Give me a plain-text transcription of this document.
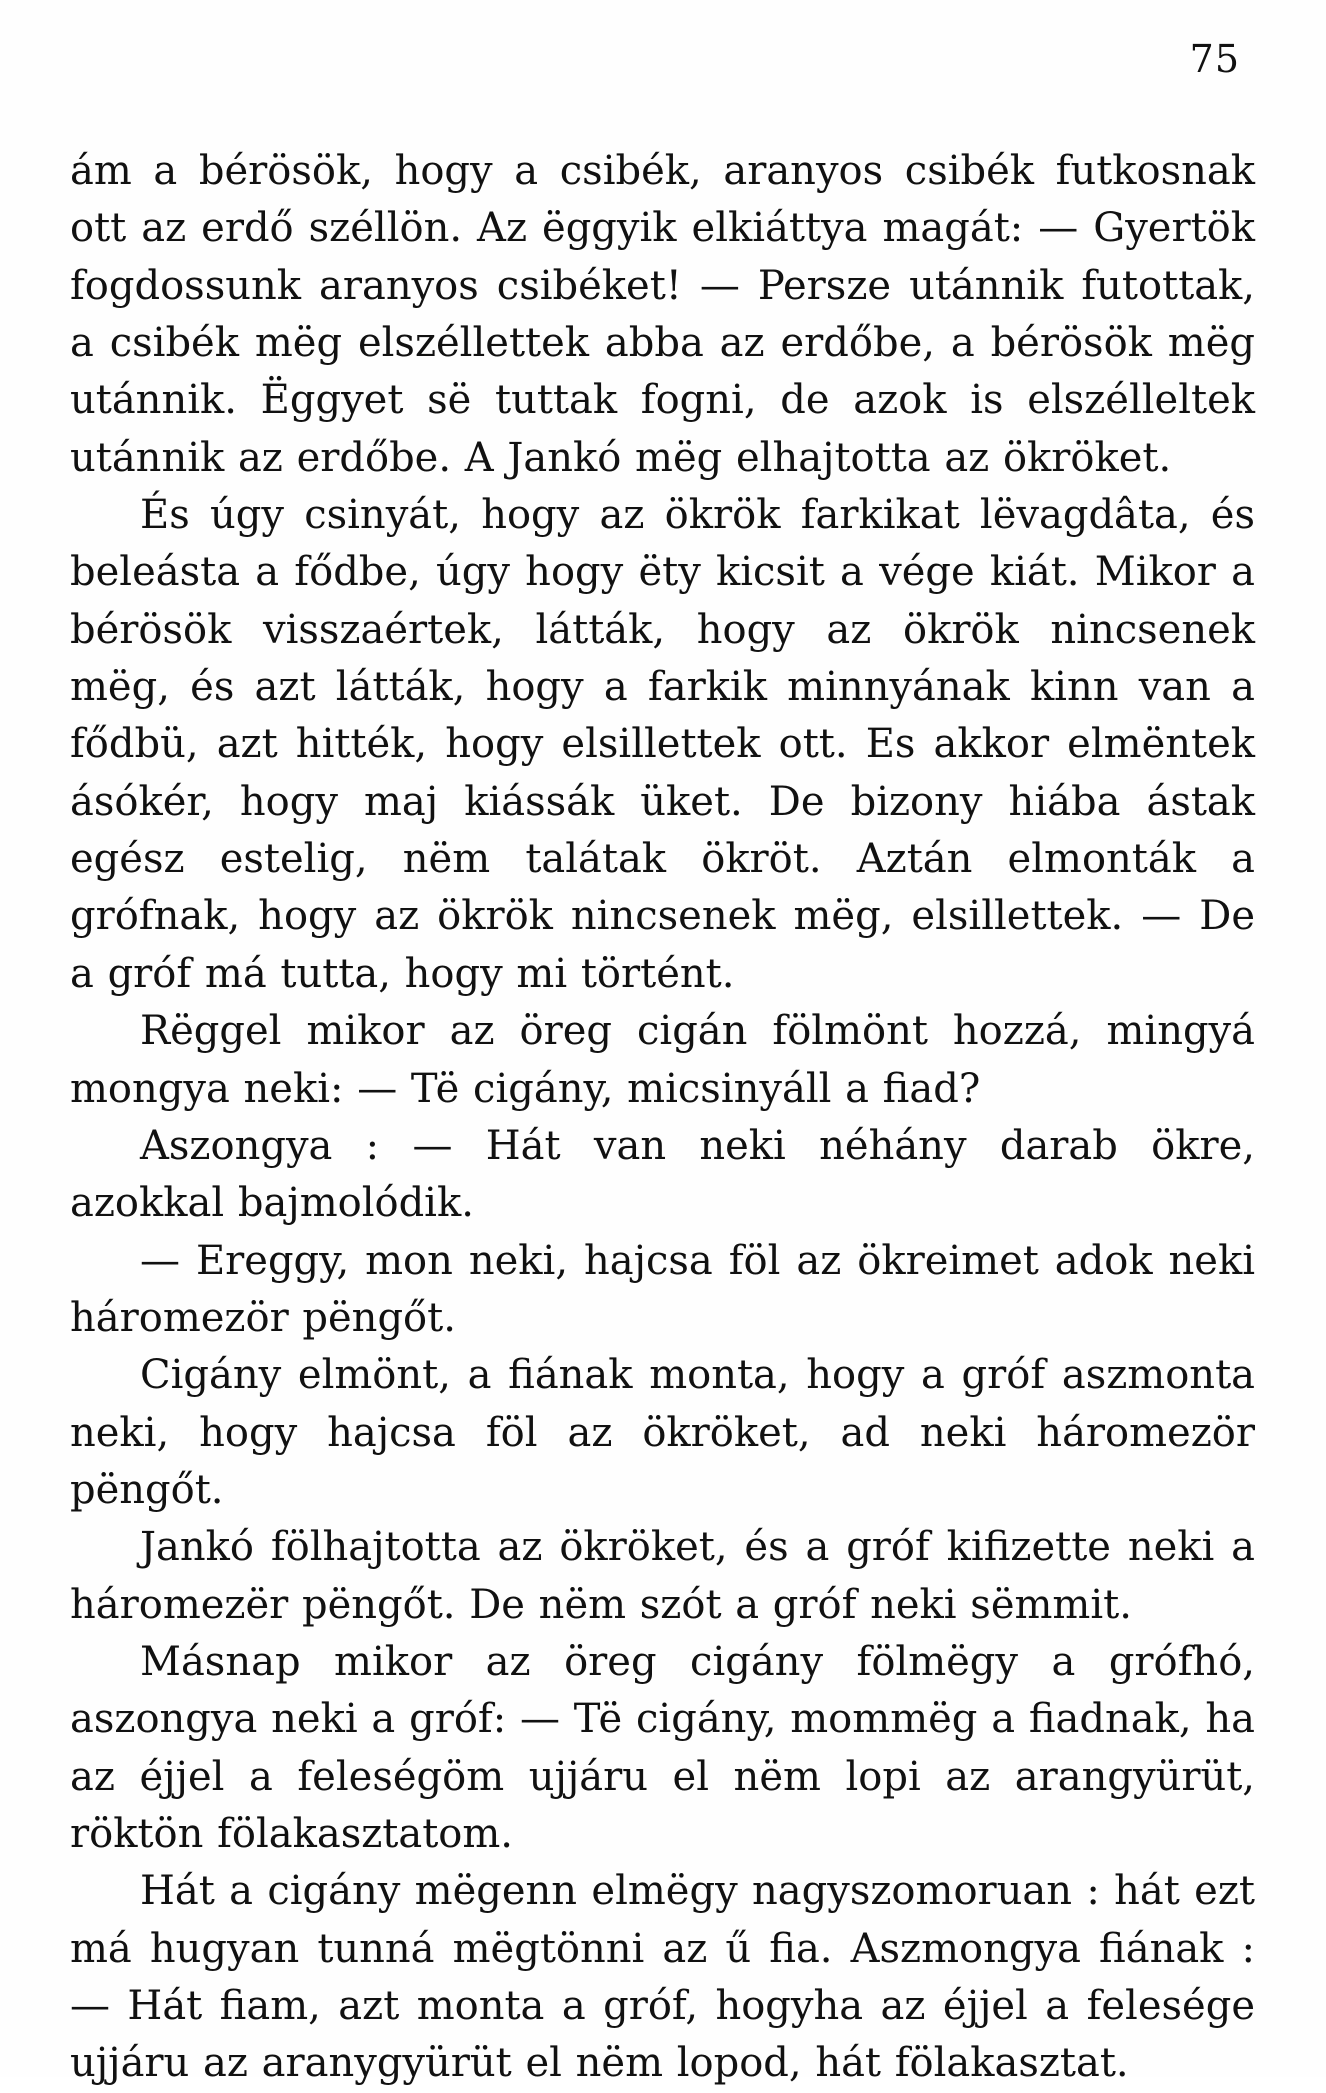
75

ám a bérösök, hogy a csibék, aranyos csibék futkosnak ott az erdő széllön. Az ëggyik elkiáttya magát: — Gyertök fogdossunk aranyos csibéket! — Persze utánnik futottak, a csibék mëg elszéllettek abba az erdőbe, a bérösök mëg utánnik. Ëggyet së tuttak fogni, de azok is elszélleltek utánnik az erdőbe. A Jankó mëg elhajtotta az ökröket.

És úgy csinyát, hogy az ökrök farkikat lëvagdâta, és beleásta a fődbe, úgy hogy ëty kicsit a vége kiát. Mikor a bérösök visszaértek, látták, hogy az ökrök nincsenek mëg, és azt látták, hogy a farkik minnyának kinn van a fődbü, azt hitték, hogy elsillettek ott. Es akkor elmëntek ásókér, hogy maj kiássák üket. De bizony hiába ástak egész estelig, nëm talátak ökröt. Aztán elmonták a grófnak, hogy az ökrök nincsenek mëg, elsillettek. — De a gróf má tutta, hogy mi történt.

Rëggel mikor az öreg cigán fölmönt hozzá, mingyá mongya neki: — Të cigány, micsinyáll a fiad?

Aszongya : — Hát van neki néhány darab ökre, azokkal bajmolódik.

— Ereggy, mon neki, hajcsa föl az ökreimet adok neki háromezör pëngőt.

Cigány elmönt, a fiának monta, hogy a gróf aszmonta neki, hogy hajcsa föl az ökröket, ad neki háromezör pëngőt.

Jankó fölhajtotta az ökröket, és a gróf kifizette neki a háromezër pëngőt. De nëm szót a gróf neki sëmmit.

Másnap mikor az öreg cigány fölmëgy a grófhó, aszongya neki a gróf: — Të cigány, mommëg a fiadnak, ha az éjjel a feleségöm ujjáru el nëm lopi az arangyürüt, röktön fölakasztatom.

Hát a cigány mëgenn elmëgy nagyszomoruan : hát ezt má hugyan tunná mëgtönni az ű fia. Aszmongya fiának : — Hát fiam, azt monta a gróf, hogyha az éjjel a felesége ujjáru az aranygyürüt el nëm lopod, hát fölakasztat.
